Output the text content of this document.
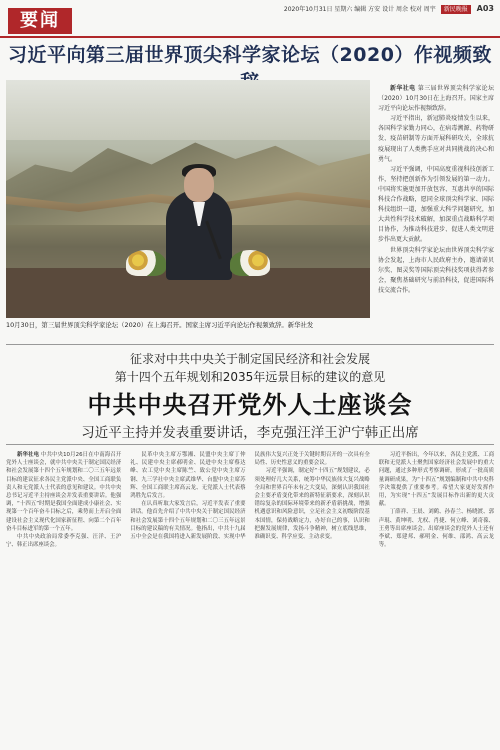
要闻
2020年10月31日 星期六 编辑 方安 设计 周余 校对 周宇 新民晚报 A03
习近平向第三届世界顶尖科学家论坛（2020）作视频致
10月30日，第三届世界顶尖科学家论坛（2020）在上海召开。国家主席习近平向论坛作视频致辞。新华社发

新华社电 第三届世界顶尖科学家论坛（2020）10月30日在上海召开。国家主席习近平向论坛作视频致辞。

习近平指出，新冠肺炎疫情发生以来，各国科学家勠力同心，在病毒溯源、药物研发、疫苗研制等方面开展科研攻关，全球抗疫展现出了人类携手应对共同挑战的决心和勇气。

习近平强调，中国高度重视科技创新工作，坚持把创新作为引领发展的第一动力。中国将实施更加开放包容、互惠共享的国际科技合作战略，愿同全球顶尖科学家、国际科技组织一道，加强重大科学问题研究，加大共性科学技术破解，加深重点战略科学项目协作，为推动科技进步、促进人类文明进步作出更大贡献。

世界顶尖科学家论坛由世界顶尖科学家协会发起，上海市人民政府主办，邀请诺贝尔奖、图灵奖等国际顶尖科技奖项获得者参会，聚焦基础研究与前沿科技，促进国际科技交流合作。

征求对中共中央关于制定国民经济和社会发展
第十四个五年规划和2035年远景目标的建议的意见
中共中央召开党外人士座谈会
习近平主持并发表重要讲话，李克强汪洋王沪宁韩正出席

新华社电 中共中央10月26日在中南海召开党外人士座谈会，就中共中央关于制定国民经济和社会发展第十四个五年规划和二〇三五年远景目标的建议征求各民主党派中央、全国工商联负责人和无党派人士代表的意见和建议。中共中央总书记习近平主持座谈会并发表重要讲话。他强调，“十四五”时期是我国全面建成小康社会、实现第一个百年奋斗目标之后，乘势而上开启全面建设社会主义现代化国家新征程、向第二个百年奋斗目标进军的第一个五年。

中共中央政治局常委李克强、汪洋、王沪宁、韩正出席座谈会。

民革中央主席万鄂湘、民盟中央主席丁仲礼、民建中央主席郝明金、民进中央主席蔡达峰、农工党中央主席陈竺、致公党中央主席万钢、九三学社中央主席武维华、台盟中央主席苏辉、全国工商联主席高云龙、无党派人士代表蔡鸿胜先后发言。

在认真听取大家发言后，习近平发表了重要讲话。他首先介绍了中共中央关于制定国民经济和社会发展第十四个五年规划和二〇三五年远景目标的建议稿的有关情况。他指出，中共十九届五中全会是在我国将进入新发展阶段、实现中华民族伟大复兴正处于关键时期召开的一次具有全局性、历史性意义的重要会议。

习近平强调，制定好“十四五”规划建议，必须处理好几大关系，统筹中华民族伟大复兴战略全局和世界百年未有之大变局，深刻认识我国社会主要矛盾变化带来的新特征新要求，深刻认识错综复杂的国际环境带来的新矛盾新挑战，增强机遇意识和风险意识，立足社会主义初级阶段基本国情，保持战略定力，办好自己的事，认识和把握发展规律，发扬斗争精神，树立底线思维，准确识变、科学应变、主动求变。

习近平指出，今年以来，各民主党派、工商联和无党派人士聚焦国家经济社会发展中的重大问题，通过多种形式考察调研，形成了一批高质量调研成果，为“十四五”规划编制和中共中央科学决策提供了重要参考。希望大家更好发挥作用，为实现“十四五”发展目标作出新的更大贡献。

丁薛祥、王晨、刘鹤、孙春兰、杨晓渡、郭声琨、黄坤明、尤权、肖捷、何立峰、刘奇葆、王勇等出席座谈会。出席座谈会的党外人士还有李斌、郑建邦、郝明金、何维、邵鸿、高云龙等。
